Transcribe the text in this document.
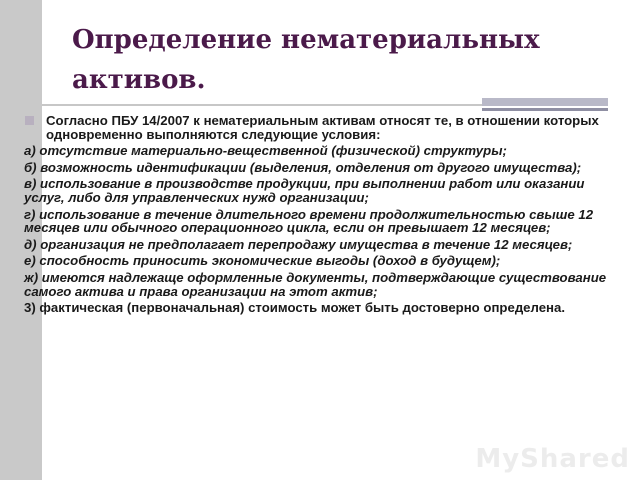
Определение нематериальных
активов.

Согласно ПБУ 14/2007 к нематериальным активам относят те, в отношении которых одновременно выполняются следующие условия:

а) отсутствие материально-вещественной (физической) структуры;

б) возможность идентификации (выделения, отделения от другого имущества);

в) использование в производстве продукции, при выполнении работ или оказании услуг, либо для управленческих нужд организации;

г) использование в течение длительного времени продолжительностью свыше 12 месяцев или обычного операционного цикла, если он превышает 12 месяцев;

д) организация не предполагает перепродажу имущества в течение 12 месяцев;

е) способность приносить экономические выгоды (доход в будущем);

ж) имеются надлежаще оформленные документы, подтверждающие существование самого актива и права организации на этот актив;

3) фактическая (первоначальная) стоимость может быть достоверно определена.

MyShared
